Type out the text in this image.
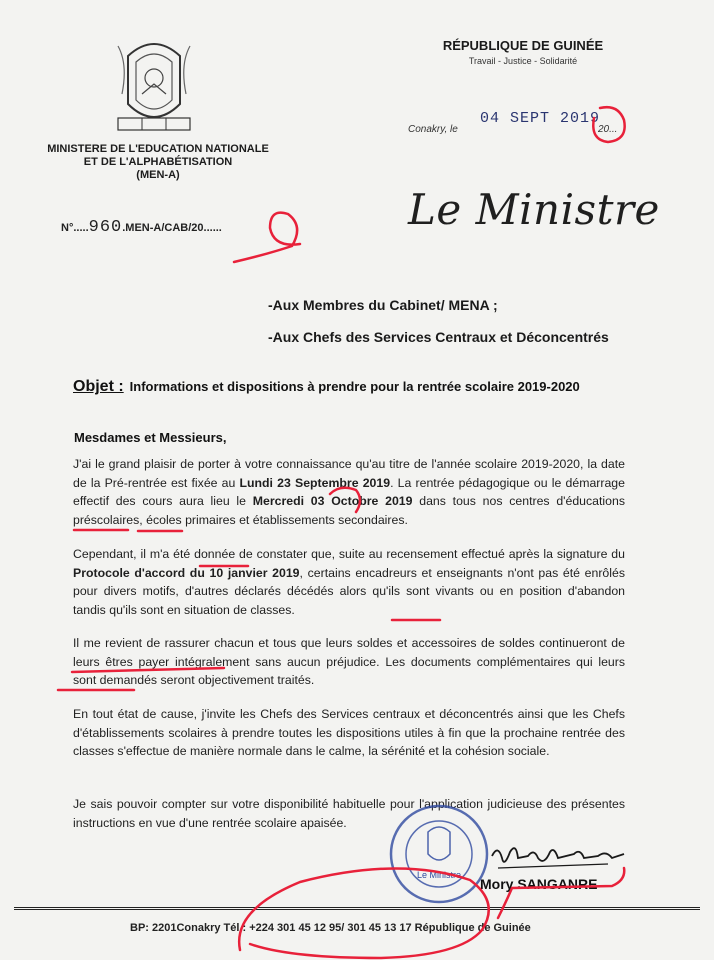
MINISTERE DE L'EDUCATION NATIONALE
ET DE L'ALPHABÉTISATION
(MEN-A)
N°.....960.MEN-A/CAB/20......
RÉPUBLIQUE DE GUINÉE
Travail - Justice - Solidarité
Conakry, le
04 SEPT 2019
20...
Le Ministre
-Aux Membres du Cabinet/ MENA ;
-Aux Chefs des Services Centraux et Déconcentrés
Objet : Informations et dispositions à prendre pour la rentrée scolaire 2019-2020
Mesdames et Messieurs,
J'ai le grand plaisir de porter à votre connaissance qu'au titre de l'année scolaire 2019-2020, la date de la Pré-rentrée est fixée au Lundi 23 Septembre 2019. La rentrée pédagogique ou le démarrage effectif des cours aura lieu le Mercredi 03 Octobre 2019 dans tous nos centres d'éducations préscolaires, écoles primaires et établissements secondaires.
Cependant, il m'a été donnée de constater que, suite au recensement effectué après la signature du Protocole d'accord du 10 janvier 2019, certains encadreurs et enseignants n'ont pas été enrôlés pour divers motifs, d'autres déclarés décédés alors qu'ils sont vivants ou en position d'abandon tandis qu'ils sont en situation de classes.
Il me revient de rassurer chacun et tous que leurs soldes et accessoires de soldes continueront de leurs êtres payer intégralement sans aucun préjudice. Les documents complémentaires qui leurs sont demandés seront objectivement traités.
En tout état de cause, j'invite les Chefs des Services centraux et déconcentrés ainsi que les Chefs d'établissements scolaires à prendre toutes les dispositions utiles à fin que la prochaine rentrée des classes s'effectue de manière normale dans le calme, la sérénité et la cohésion sociale.
Je sais pouvoir compter sur votre disponibilité habituelle pour l'application judicieuse des présentes instructions en vue d'une rentrée scolaire apaisée.
Le Ministre
Mory SANGANRE
BP: 2201Conakry Tél : +224 301 45 12 95/ 301 45 13 17 République de Guinée
